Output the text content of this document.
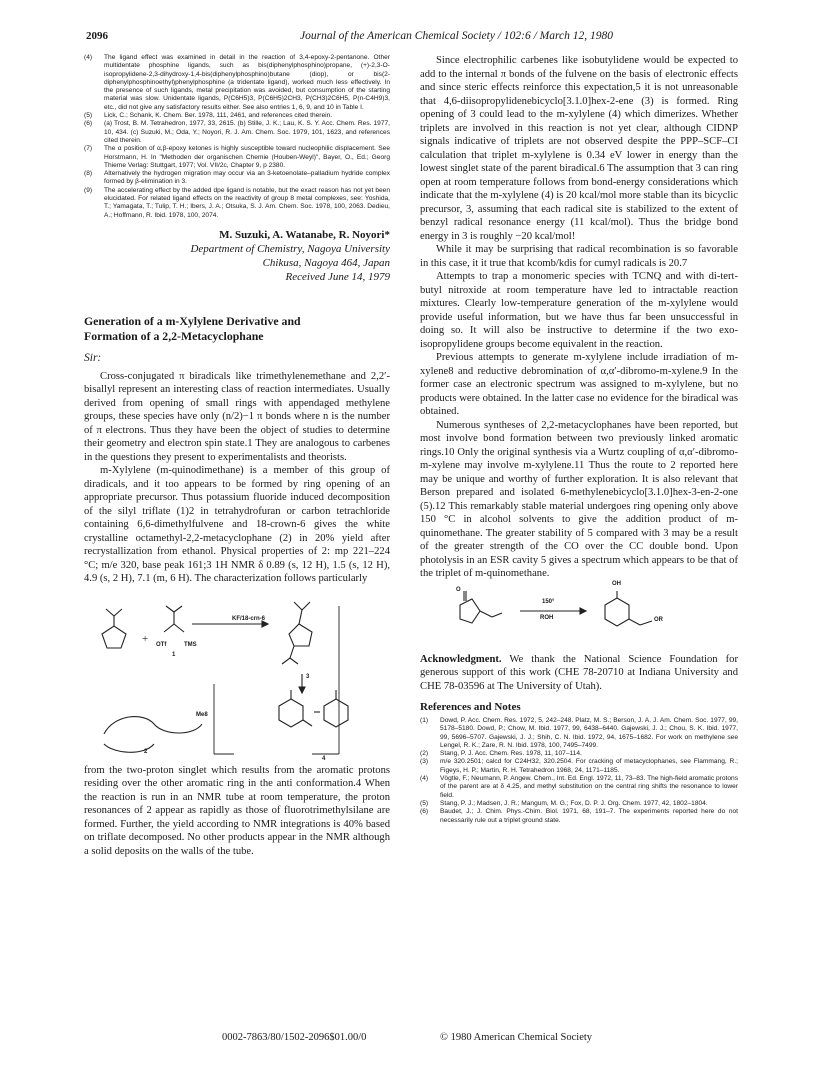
2096	Journal of the American Chemical Society / 102:6 / March 12, 1980
(4) The ligand effect was examined in detail in the reaction of 3,4-epoxy-2-pentanone. Other multidentate phosphine ligands, such as bis(diphenylphosphino)propane, (+)-2,3-O-isopropylidene-2,3-dihydroxy-1,4-bis(diphenylphosphino)butane (diop), or bis(2-diphenylphosphinoethyl)phenylphosphine (a tridentate ligand), worked much less effectively. In the presence of such ligands, metal precipitation was avoided, but consumption of the starting material was slow. Unidentate ligands, P(C6H5)3, P(C6H5)2CH3, P(CH3)2C6H5, P(n-C4H9)3, etc., did not give any satisfactory results either. See also entries 1, 6, 9, and 10 in Table I.
(5) Lick, C.; Schank, K. Chem. Ber. 1978, 111, 2461, and references cited therein.
(6) (a) Trost, B. M. Tetrahedron, 1977, 33, 2615. (b) Stille, J. K.; Lau, K. S. Y. Acc. Chem. Res. 1977, 10, 434. (c) Suzuki, M.; Oda, Y.; Noyori, R. J. Am. Chem. Soc. 1979, 101, 1623, and references cited therein.
(7) The α position of α,β-epoxy ketones is highly susceptible toward nucleophilic displacement. See Horstmann, H. In "Methoden der organischen Chemie (Houben-Weyl)", Bayer, O., Ed.; Georg Thieme Verlag: Stuttgart, 1977; Vol. VII/2c, Chapter 9, p 2380.
(8) Alternatively the hydrogen migration may occur via an 3-ketoenolate–palladium hydride complex formed by β-elimination in 3.
(9) The accelerating effect by the added dpe ligand is notable, but the exact reason has not yet been elucidated. For related ligand effects on the reactivity of group 8 metal complexes, see: Yoshida, T.; Yamagata, T.; Tulip, T. H.; Ibers, J. A.; Otsuka, S. J. Am. Chem. Soc. 1978, 100, 2063. Dedieu, A.; Hoffmann, R. Ibid. 1978, 100, 2074.
M. Suzuki, A. Watanabe, R. Noyori*
Department of Chemistry, Nagoya University
Chikusa, Nagoya 464, Japan
Received June 14, 1979
Generation of a m-Xylylene Derivative and
Formation of a 2,2-Metacyclophane
Sir:

Cross-conjugated π biradicals like trimethylenemethane and 2,2′-bisallyl represent an interesting class of reaction intermediates. Usually derived from opening of small rings with appendaged methylene groups, these species have only (n/2)−1 π bonds where n is the number of π electrons. Thus they have been the object of studies to determine their geometry and electron spin state.1 They are analogous to carbenes in the questions they present to experimentalists and theorists.

m-Xylylene (m-quinodimethane) is a member of this group of diradicals, and it too appears to be formed by ring opening of an appropriate precursor. Thus potassium fluoride induced decomposition of the silyl triflate (1)2 in tetrahydrofuran or carbon tetrachloride containing 6,6-dimethylfulvene and 18-crown-6 gives the white crystalline octamethyl-2,2-metacyclophane (2) in 20% yield after recrystallization from ethanol. Physical properties of 2: mp 221–224 °C; m/e 320, base peak 161;3 1H NMR δ 0.89 (s, 12 H), 1.5 (s, 12 H), 4.9 (s, 2 H), 7.1 (m, 6 H). The characterization follows particularly

+
KF/18-crn-6
OTf	TMS
1
3
2
4
Me8

from the two-proton singlet which results from the aromatic protons residing over the other aromatic ring in the anti conformation.4 When the reaction is run in an NMR tube at room temperature, the proton resonances of 2 appear as rapidly as those of fluorotrimethylsilane are formed. Further, the yield according to NMR integrations is 40% based on triflate decomposed. No other products appear in the NMR although a solid deposits on the walls of the tube.

Since electrophilic carbenes like isobutylidene would be expected to add to the internal π bonds of the fulvene on the basis of electronic effects and since steric effects reinforce this expectation,5 it is not unreasonable that 4,6-diisopropylidenebicyclo[3.1.0]hex-2-ene (3) is formed. Ring opening of 3 could lead to the m-xylylene (4) which dimerizes. Whether triplets are involved in this reaction is not yet clear, although CIDNP signals indicative of triplets are not observed despite the PPP–SCF–CI calculation that triplet m-xylylene is 0.34 eV lower in energy than the lowest singlet state of the parent biradical.6 The assumption that 3 can ring open at room temperature follows from bond-energy considerations which indicate that the m-xylylene (4) is 20 kcal/mol more stable than its bicyclic precursor, 3, assuming that each radical site is stabilized to the extent of benzyl radical resonance energy (11 kcal/mol). Thus the bridge bond energy in 3 is roughly −20 kcal/mol!

While it may be surprising that radical recombination is so favorable in this case, it it true that kcomb/kdis for cumyl radicals is 20.7

Attempts to trap a monomeric species with TCNQ and with di-tert-butyl nitroxide at room temperature have led to intractable reaction mixtures. Clearly low-temperature generation of the m-xylylene would provide useful information, but we have thus far been unsuccessful in doing so. It will also be instructive to determine if the two exo-isopropylidene groups become equivalent in the reaction.

Previous attempts to generate m-xylylene include irradiation of m-xylene8 and reductive debromination of α,α′-dibromo-m-xylene.9 In the former case an electronic spectrum was assigned to m-xylylene, but no products were obtained. In the latter case no evidence for the biradical was obtained.

Numerous syntheses of 2,2-metacyclophanes have been reported, but most involve bond formation between two previously linked aromatic rings.10 Only the original synthesis via a Wurtz coupling of α,α′-dibromo-m-xylene may involve m-xylylene.11 Thus the route to 2 reported here may be unique and worthy of further exploration. It is also relevant that Berson prepared and isolated 6-methylenebicyclo[3.1.0]hex-3-en-2-one (5).12 This remarkably stable material undergoes ring opening only above 150 °C in alcohol solvents to give the addition product of m-quinomethane. The greater stability of 5 compared with 3 may be a result of the greater strength of the CO over the CC double bond. Upon photolysis in an ESR cavity 5 gives a spectrum which appears to be that of the triplet of m-quinomethane.

O
150°
ROH
OH
OR

Acknowledgment. We thank the National Science Foundation for generous support of this work (CHE 78-20710 at Indiana University and CHE 78-03596 at The University of Utah).

References and Notes
(1) Dowd, P. Acc. Chem. Res. 1972, 5, 242–248. Platz, M. S.; Berson, J. A. J. Am. Chem. Soc. 1977, 99, 5178–5180. Dowd, P.; Chow, M. Ibid. 1977, 99, 6438–6440. Gajewski, J. J.; Chou, S. K. Ibid. 1977, 99, 5696–5707. Gajewski, J. J.; Shih, C. N. Ibid. 1972, 94, 1675–1682. For work on methylene see Lengel, R. K.; Zare, R. N. Ibid. 1978, 100, 7495–7499.
(2) Stang, P. J. Acc. Chem. Res. 1978, 11, 107–114.
(3) m/e 320.2501; calcd for C24H32, 320.2504. For cracking of metacyclophanes, see Flammang, R.; Figeys, H. P.; Martin, R. H. Tetrahedron 1968, 24, 1171–1185.
(4) Vögtle, F.; Neumann, P. Angew. Chem., Int. Ed. Engl. 1972, 11, 73–83. The high-field aromatic protons of the parent are at δ 4.25, and methyl substitution on the central ring shifts the resonance to lower field.
(5) Stang, P. J.; Madsen, J. R.; Mangum, M. G.; Fox, D. P. J. Org. Chem. 1977, 42, 1802–1804.
(6) Baudet, J.; J. Chim. Phys.-Chim. Biol. 1971, 68, 191–7. The experiments reported here do not necessarily rule out a triplet ground state.
0002-7863/80/1502-2096$01.00/0	© 1980 American Chemical Society
